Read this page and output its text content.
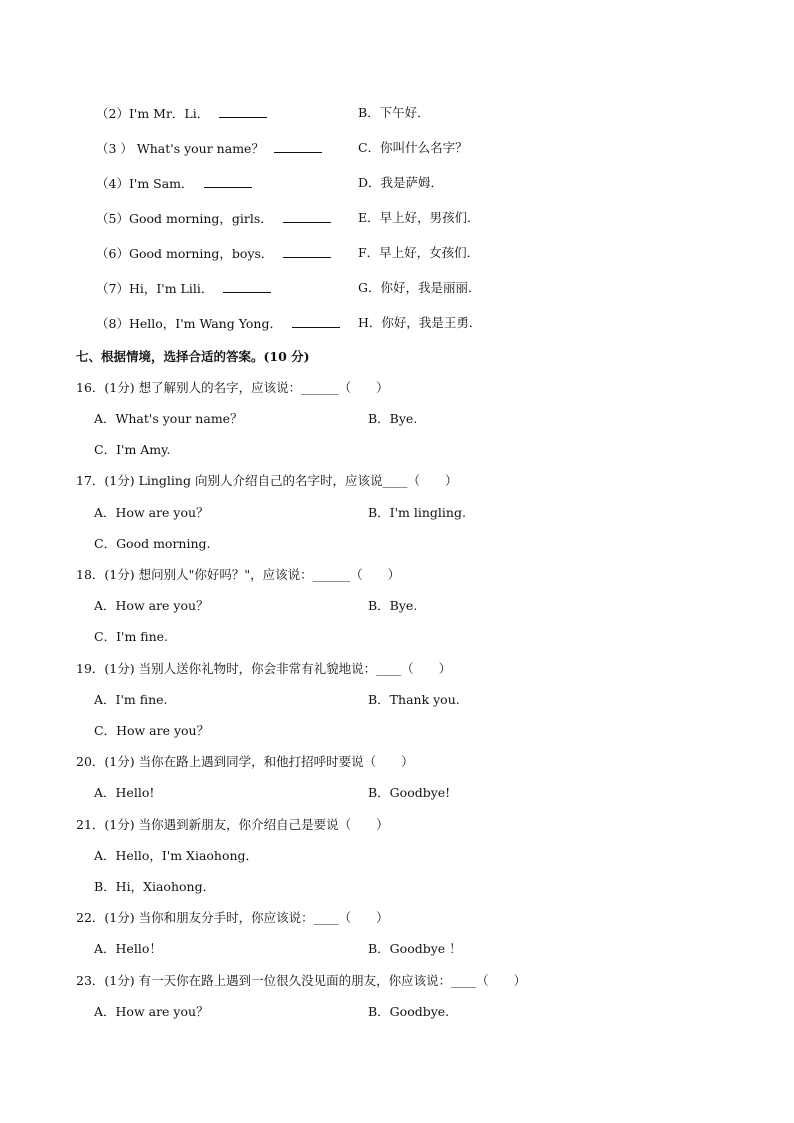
（2）I'm Mr．Li．	B．下午好．
（3 ） What's your name？	C．你叫什么名字？
（4）I'm Sam．	D．我是萨姆．
（5）Good morning，girls．	E．早上好，男孩们．
（6）Good morning，boys．	F．早上好，女孩们．
（7）Hi，I'm Lili．	G．你好，我是丽丽．
（8）Hello，I'm Wang Yong．	H．你好，我是王勇．
七、根据情境，选择合适的答案。(10 分)
16．(1分) 想了解别人的名字，应该说：______（　　）
A．What's your name？	B．Bye.
C．I'm Amy.
17．(1分) Lingling 向别人介绍自己的名字时，应该说____（　　）
A．How are you？	B．I'm lingling.
C．Good morning.
18．(1分) 想问别人"你好吗？"，应该说：______（　　）
A．How are you？	B．Bye.
C．I'm fine.
19．(1分) 当别人送你礼物时，你会非常有礼貌地说：____（　　）
A．I'm fine.	B．Thank you.
C．How are you？
20．(1分) 当你在路上遇到同学，和他打招呼时要说（　　）
A．Hello!	B．Goodbye!
21．(1分) 当你遇到新朋友，你介绍自己是要说（　　）
A．Hello，I'm Xiaohong．
B．Hi，Xiaohong．
22．(1分) 当你和朋友分手时，你应该说：____（　　）
A．Hello！	B．Goodbye ！
23．(1分) 有一天你在路上遇到一位很久没见面的朋友，你应该说：____（　　）
A．How are you？	B．Goodbye.
